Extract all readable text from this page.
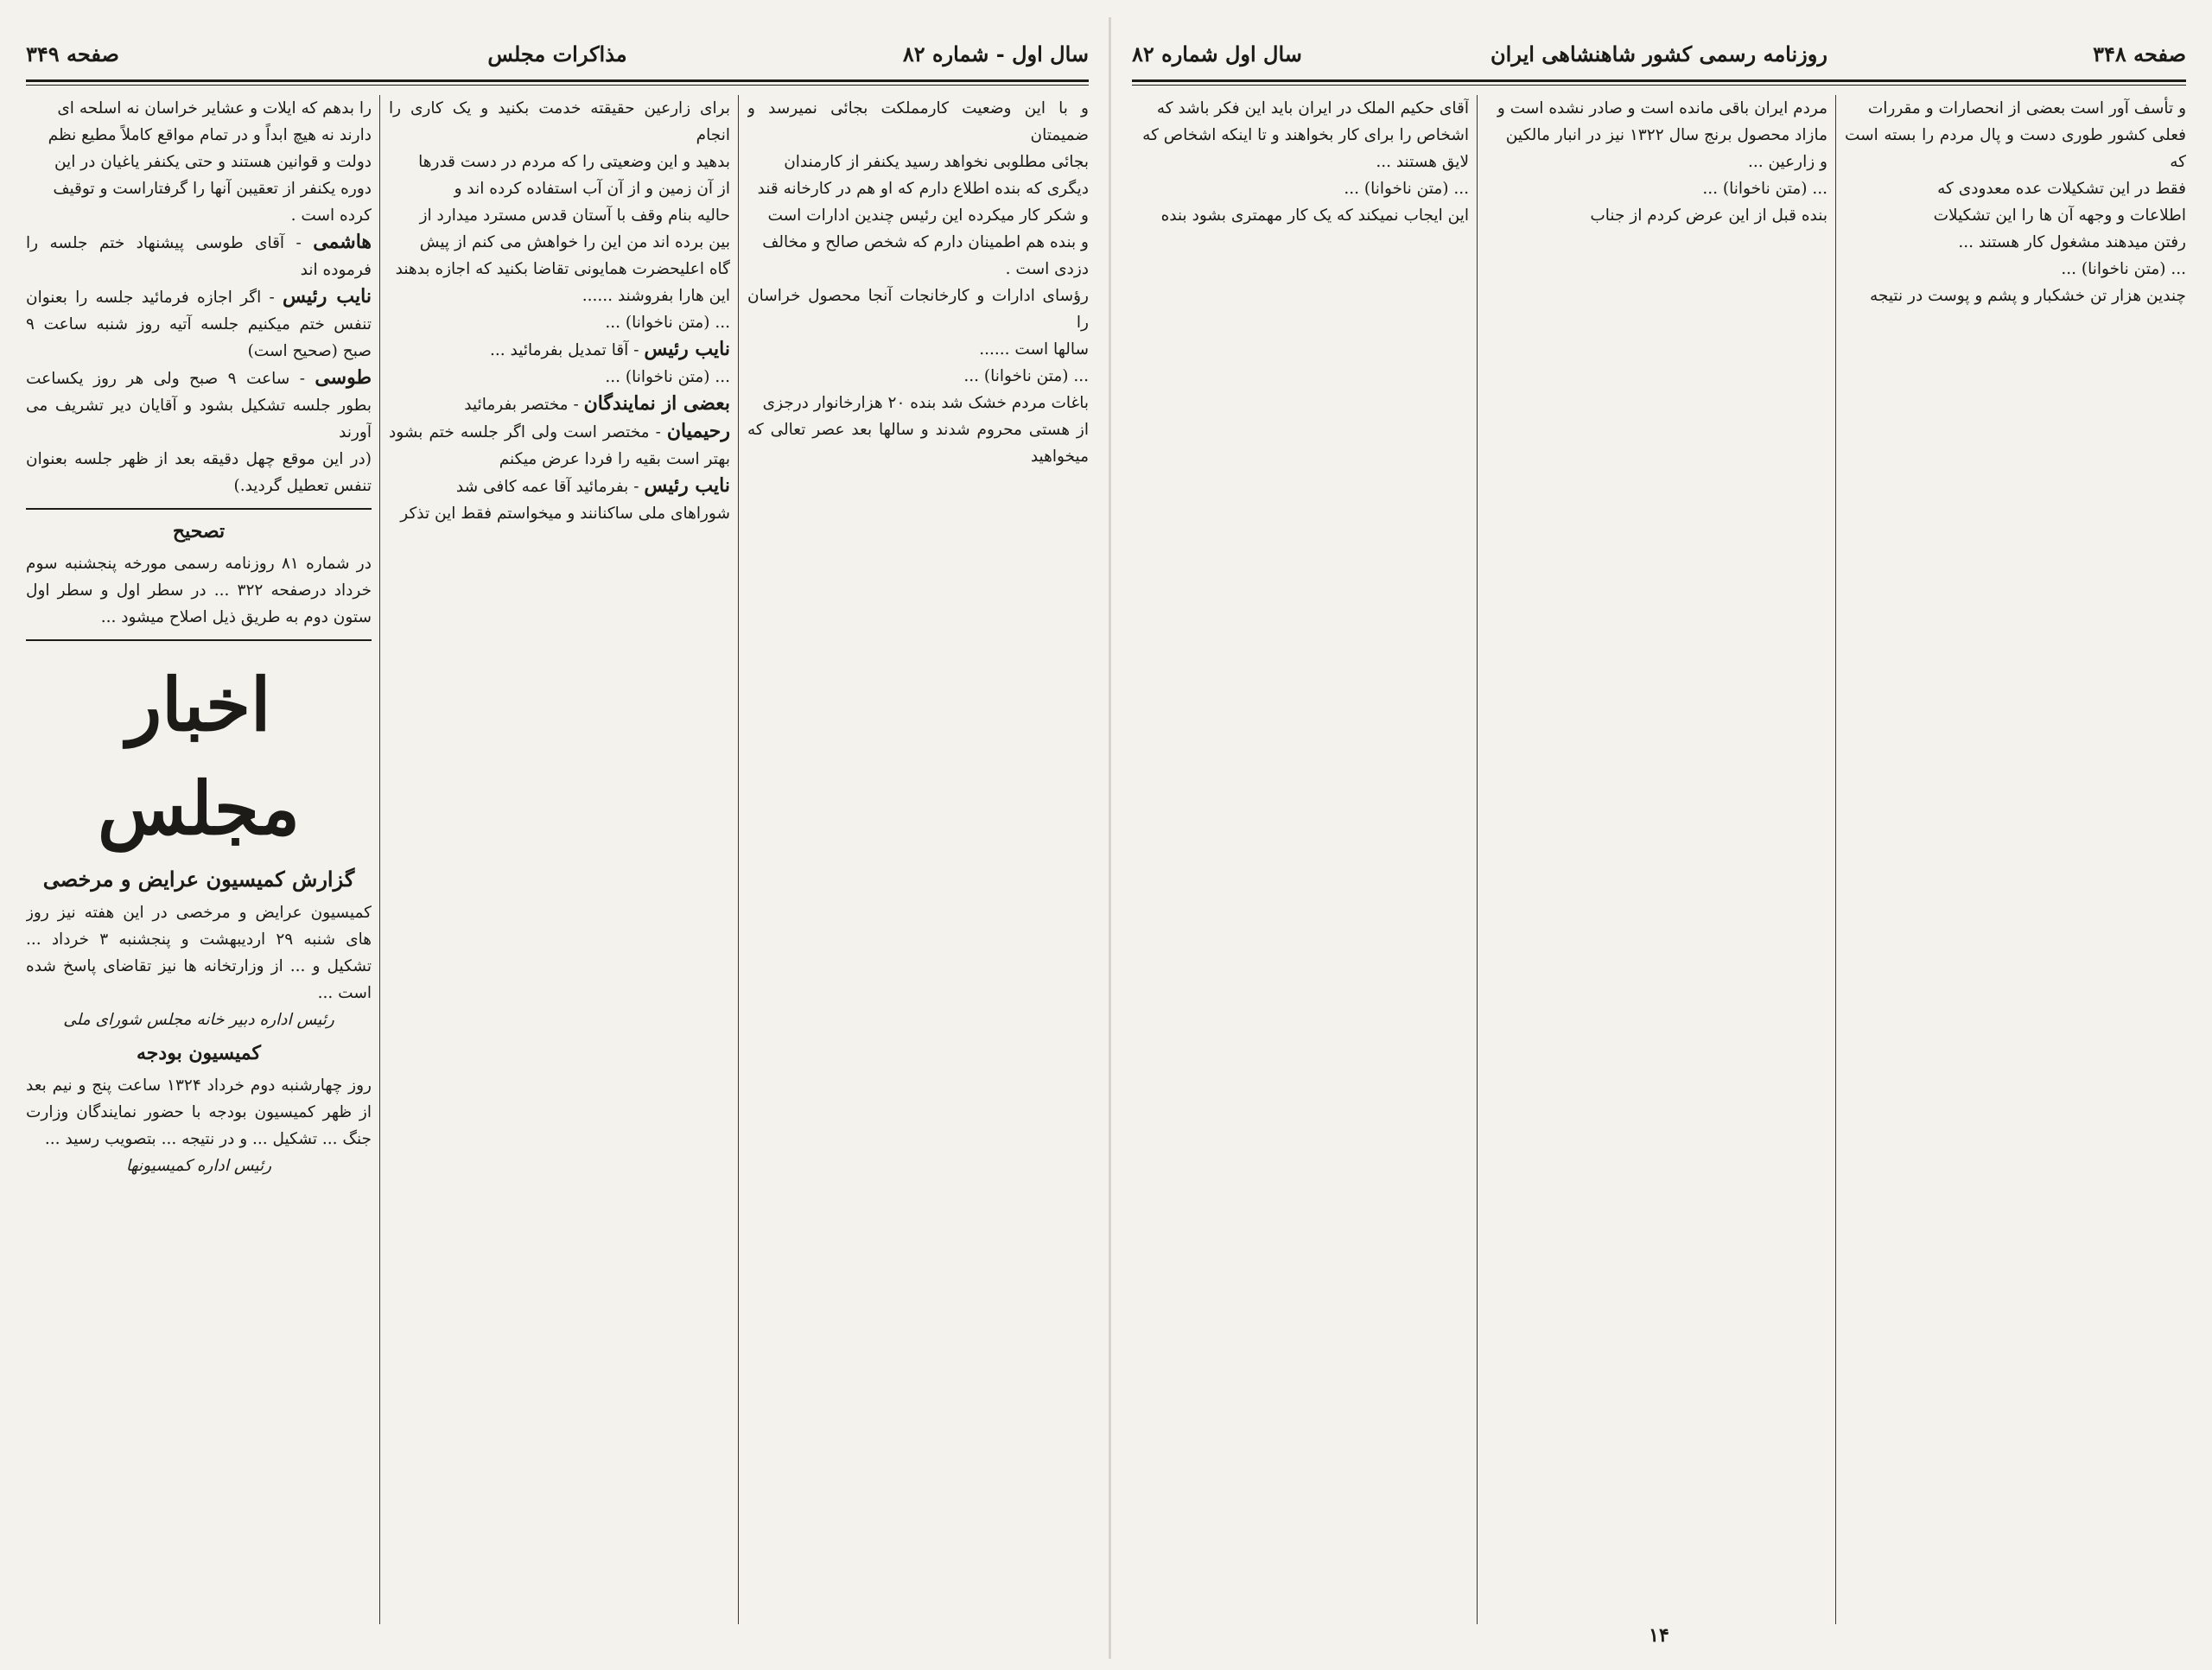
صفحه ۳۴۹	مذاکرات مجلس	سال اول - شماره ۸۲

و با این وضعیت کارمملکت بجائی نمیرسد و ضمیمتان

بجائی مطلوبی نخواهد رسید یکنفر از کارمندان

دیگری که بنده اطلاع دارم که او هم در کارخانه قند

و شکر کار میکرده این رئیس چندین ادارات است

و بنده هم اطمینان دارم که شخص صالح و مخالف

دزدی است .

رؤسای ادارات و کارخانجات آنجا محصول خراسان را

سالها است ......

... (متن ناخوانا) ...

باغات مردم خشک شد بنده ۲۰ هزارخانوار درجزی

از هستی محروم شدند و سالها بعد عصر تعالی که میخواهید

برای زارعین حقیقته خدمت بکنید و یک کاری را انجام

بدهید و این وضعیتی را که مردم در دست قدرها

از آن زمین و از آن آب استفاده کرده اند و

حالیه بنام وقف با آستان قدس مسترد میدارد از

بین برده اند من این را خواهش می کنم از پیش

گاه اعلیحضرت همایونی تقاضا بکنید که اجازه بدهند

این هارا بفروشند ......

... (متن ناخوانا) ...

نایب رئیس - آقا تمدیل بفرمائید ...

... (متن ناخوانا) ...

بعضی از نمایندگان - مختصر بفرمائید

رحیمیان - مختصر است ولی اگر جلسه ختم بشود بهتر است بقیه را فردا عرض میکنم

نایب رئیس - بفرمائید آقا عمه کافی شد

شوراهای ملی ساکنانند و میخواستم فقط این تذکر

را بدهم که ایلات و عشایر خراسان نه اسلحه ای

دارند نه هیچ ابداً و در تمام مواقع کاملاً مطیع نظم

دولت و قوانین هستند و حتی یکنفر یاغیان در این

دوره یکنفر از تعقیبن آنها را گرفتاراست و توقیف

کرده است .

هاشمی - آقای طوسی پیشنهاد ختم جلسه را فرموده اند

نایب رئیس - اگر اجازه فرمائید جلسه را بعنوان تنفس ختم میکنیم جلسه آتیه روز شنبه ساعت ۹ صبح (صحیح است)

طوسی - ساعت ۹ صبح ولی هر روز یکساعت بطور جلسه تشکیل بشود و آقایان دیر تشریف می آورند

(در این موقع چهل دقیقه بعد از ظهر جلسه بعنوان تنفس تعطیل گردید.)

تصحیح

در شماره ۸۱ روزنامه رسمی مورخه پنجشنبه سوم خرداد درصفحه ۳۲۲ ... در سطر اول و سطر اول ستون دوم به طریق ذیل اصلاح میشود ...

اخبار مجلس
گزارش کمیسیون عرایض و مرخصی

کمیسیون عرایض و مرخصی در این هفته نیز روز های شنبه ۲۹ اردیبهشت و پنجشنبه ۳ خرداد ... تشکیل و ... از وزارتخانه ها نیز تقاضای پاسخ شده است ...

رئیس اداره دبیر خانه مجلس شورای ملی

کمیسیون بودجه

روز چهارشنبه دوم خرداد ۱۳۲۴ ساعت پنج و نیم بعد از ظهر کمیسیون بودجه با حضور نمایندگان وزارت جنگ ... تشکیل ... و در نتیجه ... بتصویب رسید ...

رئیس اداره کمیسیونها

صفحه ۳۴۸
روزنامه رسمی کشور شاهنشاهی ایران
سال اول شماره ۸۲

و تأسف آور است بعضی از انحصارات و مقررات

فعلی کشور طوری دست و پال مردم را بسته است که

فقط در این تشکیلات عده معدودی که

اطلاعات و وجهه آن ها را این تشکیلات

رفتن میدهند مشغول کار هستند ...

... (متن ناخوانا) ...

چندین هزار تن خشکبار و پشم و پوست در نتیجه

مردم ایران باقی مانده است و صادر نشده است و

مازاد محصول برنج سال ۱۳۲۲ نیز در انبار مالکین

و زارعین ...

... (متن ناخوانا) ...

بنده قبل از این عرض کردم از جناب

آقای حکیم الملک در ایران باید این فکر باشد که

اشخاص را برای کار بخواهند و تا اینکه اشخاص که

لایق هستند ...

... (متن ناخوانا) ...

این ایجاب نمیکند که یک کار مهمتری بشود بنده

۱۴
